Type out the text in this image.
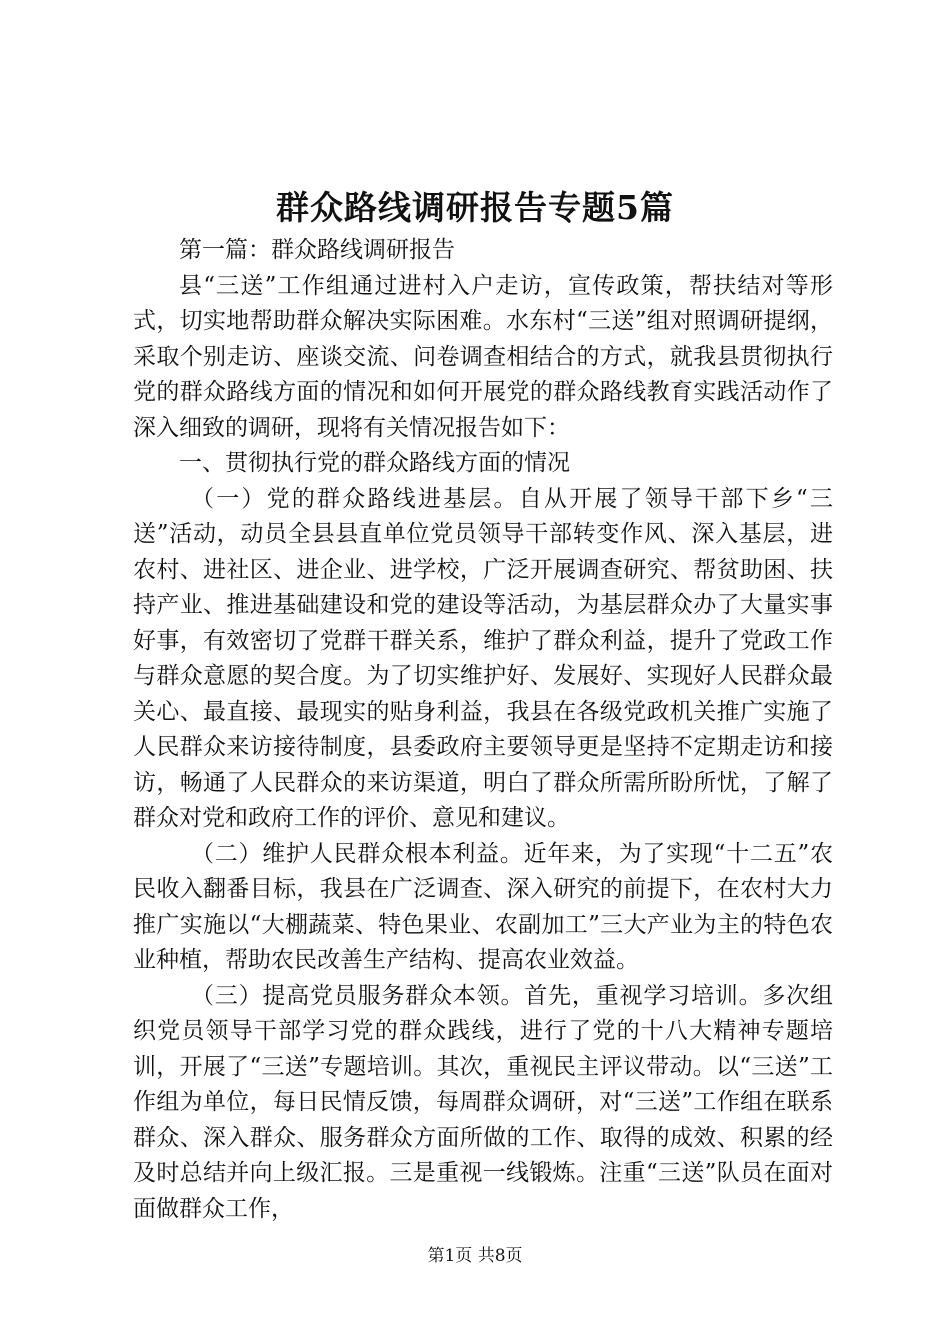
群众路线调研报告专题5篇

第一篇：群众路线调研报告

县“三送”工作组通过进村入户走访，宣传政策，帮扶结对等形式，切实地帮助群众解决实际困难。水东村“三送”组对照调研提纲，采取个别走访、座谈交流、问卷调查相结合的方式，就我县贯彻执行党的群众路线方面的情况和如何开展党的群众路线教育实践活动作了深入细致的调研，现将有关情况报告如下：

一、贯彻执行党的群众路线方面的情况

（一）党的群众路线进基层。自从开展了领导干部下乡“三送”活动，动员全县县直单位党员领导干部转变作风、深入基层，进农村、进社区、进企业、进学校，广泛开展调查研究、帮贫助困、扶持产业、推进基础建设和党的建设等活动，为基层群众办了大量实事好事，有效密切了党群干群关系，维护了群众利益，提升了党政工作与群众意愿的契合度。为了切实维护好、发展好、实现好人民群众最关心、最直接、最现实的贴身利益，我县在各级党政机关推广实施了人民群众来访接待制度，县委政府主要领导更是坚持不定期走访和接访，畅通了人民群众的来访渠道，明白了群众所需所盼所忧，了解了群众对党和政府工作的评价、意见和建议。

（二）维护人民群众根本利益。近年来，为了实现“十二五”农民收入翻番目标，我县在广泛调查、深入研究的前提下，在农村大力推广实施以“大棚蔬菜、特色果业、农副加工”三大产业为主的特色农业种植，帮助农民改善生产结构、提高农业效益。

（三）提高党员服务群众本领。首先，重视学习培训。多次组织党员领导干部学习党的群众践线，进行了党的十八大精神专题培训，开展了“三送”专题培训。其次，重视民主评议带动。以“三送”工作组为单位，每日民情反馈，每周群众调研，对“三送”工作组在联系群众、深入群众、服务群众方面所做的工作、取得的成效、积累的经及时总结并向上级汇报。三是重视一线锻炼。注重“三送”队员在面对面做群众工作，

第1页 共8页
